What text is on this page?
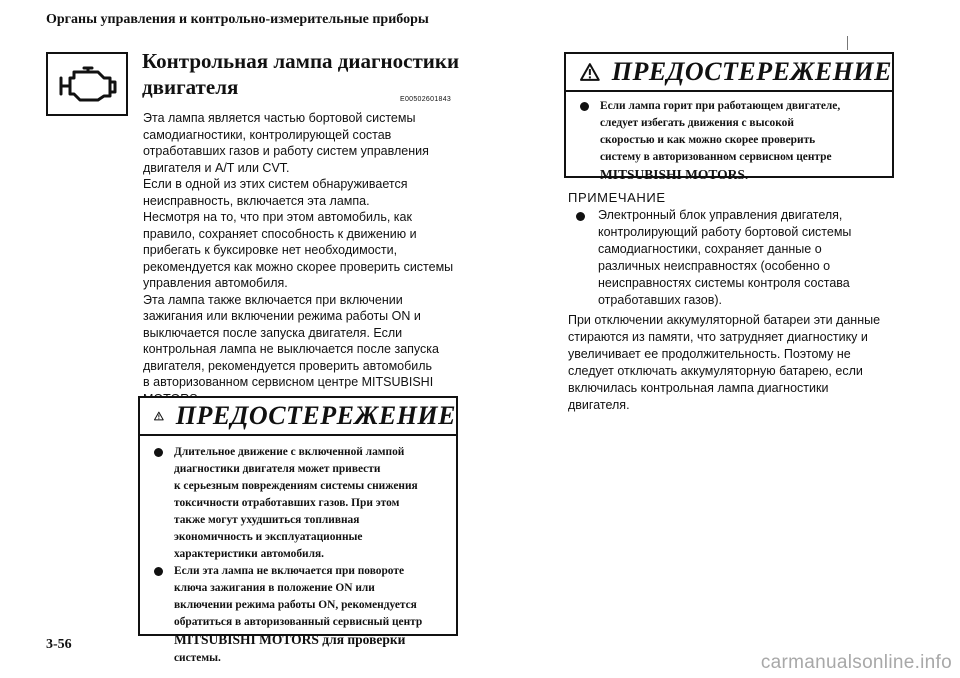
Органы управления и контрольно-измерительные приборы
Контрольная лампа диагностики
двигателя
E00502601843

Эта лампа является частью бортовой системы
самодиагностики, контролирующей состав
отработавших газов и работу систем управления
двигателя и A/T или CVT.

Если в одной из этих систем обнаруживается
неисправность, включается эта лампа.

Несмотря на то, что при этом автомобиль, как
правило, сохраняет способность к движению и
прибегать к буксировке нет необходимости,
рекомендуется как можно скорее проверить системы
управления автомобиля.

Эта лампа также включается при включении
зажигания или включении режима работы ON и
выключается после запуска двигателя. Если
контрольная лампа не выключается после запуска
двигателя, рекомендуется проверить автомобиль
в авторизованном сервисном центре MITSUBISHI

ПРЕДОСТЕРЕЖЕНИЕ
Длительное движение с включенной лампой
диагностики двигателя может привести
к серьезным повреждениям системы снижения
токсичности отработавших газов. При этом
также могут ухудшиться топливная
экономичность и эксплуатационные
характеристики автомобиля.
Если эта лампа не включается при повороте
ключа зажигания в положение ON или
включении режима работы ON, рекомендуется
обратиться в авторизованный сервисный центр
MITSUBISHI MOTORS для проверки
системы.
ПРЕДОСТЕРЕЖЕНИЕ
Если лампа горит при работающем двигателе,
следует избегать движения с высокой
скоростью и как можно скорее проверить
систему в авторизованном сервисном центре
MITSUBISHI MOTORS.
ПРИМЕЧАНИЕ
Электронный блок управления двигателя,
контролирующий работу бортовой системы
самодиагностики, сохраняет данные о
различных неисправностях (особенно о
неисправностях системы контроля состава
отработавших газов).
При отключении аккумуляторной батареи эти данные
стираются из памяти, что затрудняет диагностику и
увеличивает ее продолжительность. Поэтому не
следует отключать аккумуляторную батарею, если
включилась контрольная лампа диагностики
двигателя.
3-56
carmanualsonline.info
